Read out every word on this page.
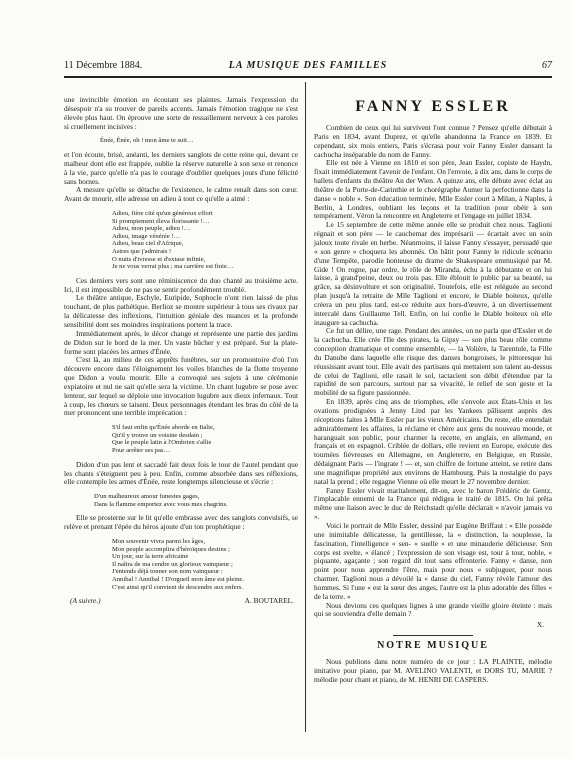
11 Décembre 1884.	LA MUSIQUE DES FAMILLES	67

une invincible émotion en écoutant ses plaintes. Jamais l'expression du désespoir n'a su trouver de pareils accents. Jamais l'émotion tragique ne s'est élevée plus haut. On éprouve une sorte de ressaillement nerveux à ces paroles si cruellement incisives :

Énée, Énée, oh ! mon âme te suit…

et l'on écoute, brisé, anéanti, les derniers sanglots de cette reine qui, devant ce malheur dont elle est frappée, oublie la réserve naturelle à son sexe et renonce à la vie, parce qu'elle n'a pas le courage d'oublier quelques jours d'une félicité sans bornes.

A mesure qu'elle se détache de l'existence, le calme renaît dans son cœur. Avant de mourir, elle adresse un adieu à tout ce qu'elle a aimé :

Adieu, fière cité qu'un généreux effort
Si promptement éleva florissante !…
Adieu, mon peuple, adieu !…
Adieu, image vénérée !…
Adieu, beau ciel d'Afrique,
Astres que j'admirais !
O nuits d'ivresse et d'extase infinie,
Je ne vous verrai plus ; ma carrière est finie…

Ces derniers vers sont une réminiscence du duo chanté au troisième acte. Ici, il est impossible de ne pas se sentir profondément troublé.

Le théâtre antique, Eschyle, Euripide, Sophocle n'ont rien laissé de plus touchant, de plus pathétique. Berlioz se montre supérieur à tous ses rivaux par la délicatesse des inflexions, l'intuition géniale des nuances et la profonde sensibilité dont ses moindres inspirations portent la trace.

Immédiatement après, le décor change et représente une partie des jardins de Didon sur le bord de la mer. Un vaste bûcher y est préparé. Sur la plate-forme sont placées les armes d'Énée.

C'est là, au milieu de ces apprêts funèbres, sur un promontoire d'où l'on découvre encore dans l'éloignement les voiles blanches de la flotte troyenne que Didon a voulu mourir. Elle a convoqué ses sujets à une cérémonie expiatoire et nul ne sait qu'elle sera la victime. Un chant lugubre se pose avec lenteur, sur lequel se déploie une invocation lugubre aux dieux infernaux. Tout à coup, les chœurs se taisent. Deux personnages étendant les bras du côté de la mer prononcent une terrible imprécation :

S'il faut enfin qu'Énée aborde en Italie,
Qu'il y trouve un voisine desdain ;
Que le peuple latin à l'Ombrien s'allie
Pour arrêter ses pas…

Didon d'un pas lent et saccadé fait deux fois le tour de l'autel pendant que les chants s'éteignent peu à peu. Enfin, comme absorbée dans ses réflexions, elle contemple les armes d'Énée, reste longtemps silencieuse et s'écrie :

D'un malheureux amour funestes gages,
Dans la flamme emportez avec vous mes chagrins.

Elle se prosterne sur le lit qu'elle embrasse avec des sanglots convulsifs, se relève et prenant l'épée du héros ajoute d'un ton prophétique :

Mon souvenir vivra parmi les âges,
Mon peuple accomplira d'héroïques destins ;
Un jour, sur la terre africaine
Il naîtra de ma cendre un glorieux vainqueur ;
J'entends déjà tonner son nom vainqueur :
Annibal ! Annibal ! D'orgueil mon âme est pleine.
C'est ainsi qu'il convient de descendre aux enfers.
(A suivre.)	A. BOUTAREL.
FANNY ESSLER

Combien de ceux qui lui survivent l'ont connue ? Pensez qu'elle débutait à Paris en 1834, avant Duprez, et qu'elle abandonna la France en 1839. Et cependant, six mois entiers, Paris s'écrasa pour voir Fanny Essler dansant la cachucha inséparable du nom de Fanny.

Elle est née à Vienne en 1810 et son père, Jean Essler, copiste de Haydn, fixait immédiatement l'avenir de l'enfant. On l'envoie, à dix ans, dans le corps de ballets d'enfants du théâtre An der Wien. A quinze ans, elle débute avec éclat au théâtre de la Porte-de-Carinthie et le chorégraphe Aumer la perfectionne dans la danse « noble ». Son éducation terminée, Mlle Essler court à Milan, à Naples, à Berlin, à Londres, oubliant les leçons et la tradition pour obéir à son tempérament. Véron la rencontre en Angleterre et l'engage en juillet 1834.

Le 15 septembre de cette même année elle se produit chez nous. Taglioni régnait et son père — le cauchemar des imprésarii — écartait avec un soin jaloux toute rivale en herbe. Néanmoins, il laisse Fanny s'essayer, persuadé que « son genre » choquera les abonnés. On bâtit pour Fanny le ridicule scénario d'une Tempête, parodie honteuse du drame de Shakespeare emmusiqué par M. Gide ! On rogne, par ordre, le rôle de Miranda, échu à la débutante et on lui laisse, à grand'peine, deux ou trois pas. Elle éblouit le public par sa beauté, sa grâce, sa désinvolture et son originalité. Toutefois, elle est reléguée au second plan jusqu'à la retraite de Mlle Taglioni et encore, le Diable boiteux, qu'elle créera un peu plus tard, est-ce réduite aux hors-d'œuvre, à un divertissement intercalé dans Guillaume Tell. Enfin, on lui confie le Diable boiteux où elle inaugure sa cachucha.

Ce fut un délire, une rage. Pendant des années, on ne parla que d'Essler et de la cachucha. Elle crée l'Ile des pirates, la Gipsy — son plus beau rôle comme conception dramatique et comme ensemble, — la Volière, la Tarentule, la Fille du Danube dans laquelle elle risque des danses hongroises, le pittoresque lui réussissant avant tout. Elle avait des partisans qui mettaient son talent au-dessus de celui de Taglioni, elle rasait le sol, tactacient son débit d'étendue par la rapidité de son parcours, surtout par sa vivacité, le relief de son geste et la mobilité de sa figure passionnée.

En 1839, après cinq ans de triomphes, elle s'envole aux États-Unis et les ovations prodiguées à Jenny Lind par les Yankees pâlissent auprès des réceptions faites à Mlle Essler par les vieux Américains. Du reste, elle entendait admirablement les affaires, la réclame et chère aux gens du nouveau monde, et haranguait son public, pour charmer la recette, en anglais, en allemand, en français et en espagnol. Criblée de dollars, elle revient en Europe, exécute des tournées fiévreuses en Allemagne, en Angleterre, en Belgique, en Russie, dédaignant Paris — l'ingrate ! — et, son chiffre de fortune atteint, se retire dans une magnifique propriété aux environs de Hambourg. Puis la nostalgie du pays natal la prend ; elle regagne Vienne où elle meurt le 27 novembre dernier.

Fanny Essler vivait maritalement, dit-on, avec le baron Frédéric de Gentz, l'implacable ennemi de la France qui rédigea le traité de 1815. On lui prêta même une liaison avec le duc de Reichstadt qu'elle déclarait « n'avoir jamais vu ».

Voici le portrait de Mlle Essler, dessiné par Eugène Briffaut : « Elle possède une inimitable délicatesse, la gentillesse, la « distinction, la souplesse, la fascination, l'intelligence « sen- « suelle » et une minauderie délicieuse. Son corps est svelte, « élancé ; l'expression de son visage est, tour à tour, noble, « piquante, agaçante ; son regard dit tout sans effronterie. Fanny « danse, non point pour nous apprendre l'être, mais pour nous « subjuguer, pour nous charmer. Taglioni nous a dévoilé la « danse du ciel, Fanny révèle l'amour des hommes. Si l'une « est la sœur des anges, l'autre est la plus adorable des filles « de la terre. »

Nous devions ces quelques lignes à une grande vieille gloire éteinte : mais qui se souviendra d'elle demain ?

X.
NOTRE MUSIQUE

Nous publions dans notre numéro de ce jour : LA PLAINTE, mélodie imitative pour piano, par M. AVELINO VALENTI, et DORS TU, MARIE ? mélodie pour chant et piano, de M. HENRI DE CASPERS.
